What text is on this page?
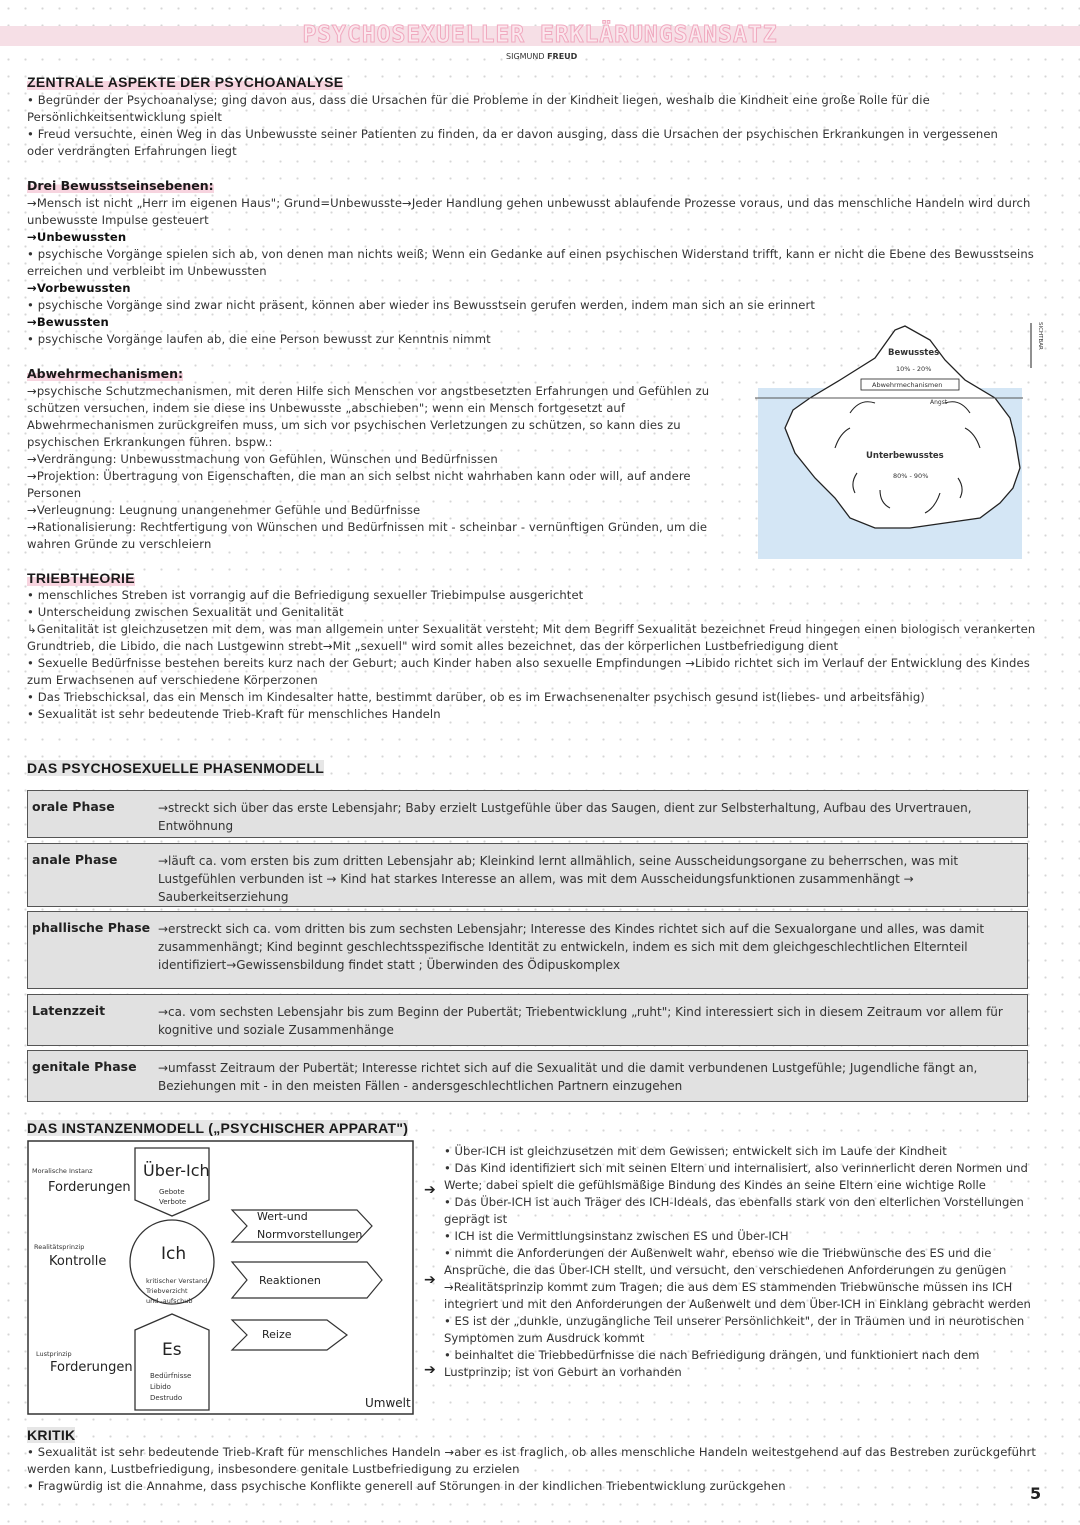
PSYCHOSEXUELLER ERKLÄRUNGSANSATZ
SIGMUND FREUD
ZENTRALE ASPEKTE DER PSYCHOANALYSE
• Begründer der Psychoanalyse; ging davon aus, dass die Ursachen für die Probleme in der Kindheit liegen, weshalb die Kindheit eine große Rolle für die Persönlichkeitsentwicklung spielt
• Freud versuchte, einen Weg in das Unbewusste seiner Patienten zu finden, da er davon ausging, dass die Ursachen der psychischen Erkrankungen in vergessenen oder verdrängten Erfahrungen liegt
Drei Bewusstseinsebenen:
→Mensch ist nicht „Herr im eigenen Haus"; Grund=Unbewusste→Jeder Handlung gehen unbewusst ablaufende Prozesse voraus, und das menschliche Handeln wird durch unbewusste Impulse gesteuert
→Unbewussten
• psychische Vorgänge spielen sich ab, von denen man nichts weiß; Wenn ein Gedanke auf einen psychischen Widerstand trifft, kann er nicht die Ebene des Bewusstseins erreichen und verbleibt im Unbewussten
→Vorbewussten
• psychische Vorgänge sind zwar nicht präsent, können aber wieder ins Bewusstsein gerufen werden, indem man sich an sie erinnert
→Bewussten
• psychische Vorgänge laufen ab, die eine Person bewusst zur Kenntnis nimmt
Bewusstes
10% - 20%
Abwehrmechanismen
Angst
Unterbewusstes
80% - 90%
SICHTBAR
Abwehrmechanismen:
→psychische Schutzmechanismen, mit deren Hilfe sich Menschen vor angstbesetzten Erfahrungen und Gefühlen zu schützen versuchen, indem sie diese ins Unbewusste „abschieben"; wenn ein Mensch fortgesetzt auf Abwehrmechanismen zurückgreifen muss, um sich vor psychischen Verletzungen zu schützen, so kann dies zu psychischen Erkrankungen führen. bspw.:
→Verdrängung: Unbewusstmachung von Gefühlen, Wünschen und Bedürfnissen
→Projektion: Übertragung von Eigenschaften, die man an sich selbst nicht wahrhaben kann oder will, auf andere Personen
→Verleugnung: Leugnung unangenehmer Gefühle und Bedürfnisse
→Rationalisierung: Rechtfertigung von Wünschen und Bedürfnissen mit - scheinbar - vernünftigen Gründen, um die wahren Gründe zu verschleiern
TRIEBTHEORIE
• menschliches Streben ist vorrangig auf die Befriedigung sexueller Triebimpulse ausgerichtet
• Unterscheidung zwischen Sexualität und Genitalität
↳Genitalität ist gleichzusetzen mit dem, was man allgemein unter Sexualität versteht; Mit dem Begriff Sexualität bezeichnet Freud hingegen einen biologisch verankerten Grundtrieb, die Libido, die nach Lustgewinn strebt→Mit „sexuell" wird somit alles bezeichnet, das der körperlichen Lustbefriedigung dient
• Sexuelle Bedürfnisse bestehen bereits kurz nach der Geburt; auch Kinder haben also sexuelle Empfindungen →Libido richtet sich im Verlauf der Entwicklung des Kindes zum Erwachsenen auf verschiedene Körperzonen
• Das Triebschicksal, das ein Mensch im Kindesalter hatte, bestimmt darüber, ob es im Erwachsenenalter psychisch gesund ist(liebes- und arbeitsfähig)
• Sexualität ist sehr bedeutende Trieb-Kraft für menschliches Handeln
DAS PSYCHOSEXUELLE PHASENMODELL
orale Phase	→streckt sich über das erste Lebensjahr; Baby erzielt Lustgefühle über das Saugen, dient zur Selbsterhaltung, Aufbau des Urvertrauen, Entwöhnung
anale Phase	→läuft ca. vom ersten bis zum dritten Lebensjahr ab; Kleinkind lernt allmählich, seine Ausscheidungsorgane zu beherrschen, was mit Lustgefühlen verbunden ist → Kind hat starkes Interesse an allem, was mit dem Ausscheidungsfunktionen zusammenhängt → Sauberkeitserziehung
phallische Phase →erstreckt sich ca. vom dritten bis zum sechsten Lebensjahr; Interesse des Kindes richtet sich auf die Sexualorgane und alles, was damit zusammenhängt; Kind beginnt geschlechtsspezifische Identität zu entwickeln, indem es sich mit dem gleichgeschlechtlichen Elternteil identifiziert→Gewissensbildung findet statt ; Überwinden des Ödipuskomplex
Latenzzeit	→ca. vom sechsten Lebensjahr bis zum Beginn der Pubertät; Triebentwicklung „ruht"; Kind interessiert sich in diesem Zeitraum vor allem für kognitive und soziale Zusammenhänge
genitale Phase	→umfasst Zeitraum der Pubertät; Interesse richtet sich auf die Sexualität und die damit verbundenen Lustgefühle; Jugendliche fängt an, Beziehungen mit - in den meisten Fällen - andersgeschlechtlichen Partnern einzugehen
DAS INSTANZENMODELL („PSYCHISCHER APPARAT")
Moralische Instanz
Forderungen
Realitätsprinzip
Kontrolle
Lustprinzip
Forderungen
Über-Ich
Gebote
Verbote
Ich
kritischer Verstand
Triebverzicht
und -aufschub
Es
Bedürfnisse
Libido
Destrudo
Wert-und
Normvorstellungen
Reaktionen
Reize
Umwelt
➔
➔
➔
• Über-ICH ist gleichzusetzen mit dem Gewissen; entwickelt sich im Laufe der Kindheit
• Das Kind identifiziert sich mit seinen Eltern und internalisiert, also verinnerlicht deren Normen und Werte; dabei spielt die gefühlsmäßige Bindung des Kindes an seine Eltern eine wichtige Rolle
• Das Über-ICH ist auch Träger des ICH-Ideals, das ebenfalls stark von den elterlichen Vorstellungen geprägt ist
• ICH ist die Vermittlungsinstanz zwischen ES und Über-ICH
• nimmt die Anforderungen der Außenwelt wahr, ebenso wie die Triebwünsche des ES und die Ansprüche, die das Über-ICH stellt, und versucht, den verschiedenen Anforderungen zu genügen →Realitätsprinzip kommt zum Tragen; die aus dem ES stammenden Triebwünsche müssen ins ICH integriert und mit den Anforderungen der Außenwelt und dem Über-ICH in Einklang gebracht werden
• ES ist der „dunkle, unzugängliche Teil unserer Persönlichkeit", der in Träumen und in neurotischen Symptomen zum Ausdruck kommt
• beinhaltet die Triebbedürfnisse die nach Befriedigung drängen, und funktioniert nach dem Lustprinzip; ist von Geburt an vorhanden
KRITIK
• Sexualität ist sehr bedeutende Trieb-Kraft für menschliches Handeln →aber es ist fraglich, ob alles menschliche Handeln weitestgehend auf das Bestreben zurückgeführt werden kann, Lustbefriedigung, insbesondere genitale Lustbefriedigung zu erzielen
• Fragwürdig ist die Annahme, dass psychische Konflikte generell auf Störungen in der kindlichen Triebentwicklung zurückgehen	5
